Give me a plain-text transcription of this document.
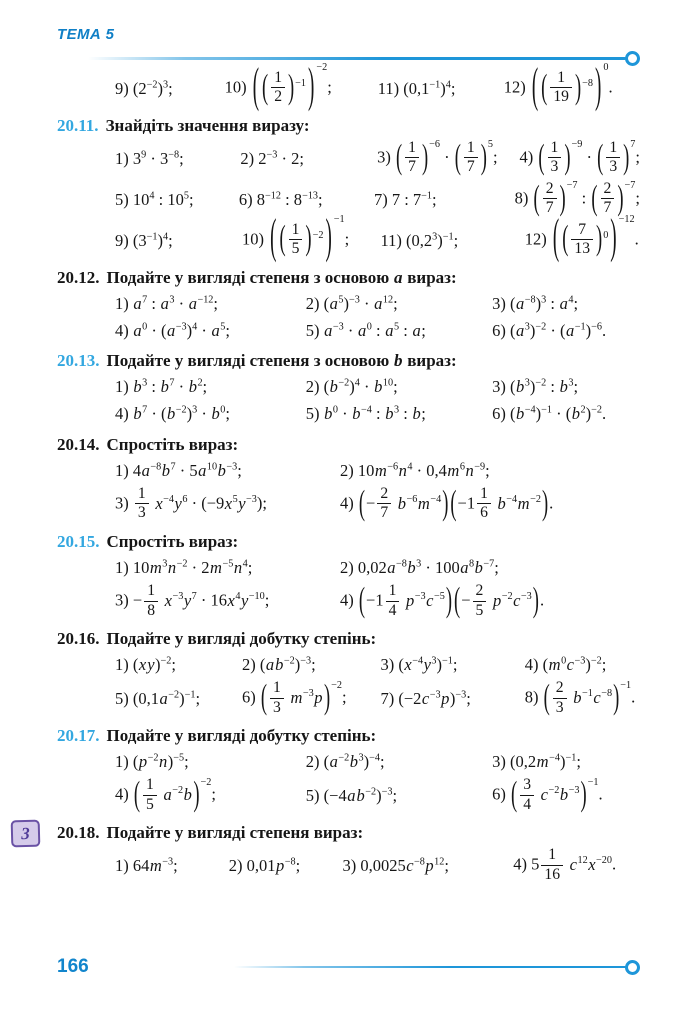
ТЕМА 5
9) $(2^{-2})^3$;	10) ( ( $\frac{1}{2} )^{-1}$ ) $^{-2}$;	11) $(0,1^{-1})^4$;	12) ( ( $\frac{1}{19} )^{-8}$ ) $^0$.
20.11. Знайдіть значення виразу:
1) $3^9 \cdot 3^{-8}$;	2) $2^{-3} \cdot 2$;	3) ( $\frac{1}{7} )^{-6}$ · ( $\frac{1}{7} )^5$;	4) ( $\frac{1}{3} )^{-9}$ · ( $\frac{1}{3} )^7$;
5) $10^4$ : $10^5$;	6) $8^{-12}$ : $8^{-13}$;	7) 7 : $7^{-1}$;	8) ( $\frac{2}{7} )^{-7}$ : ( $\frac{2}{7} )^{-7}$;
9) $(3^{-1})^4$;	10) ( ( $\frac{1}{5} )^{-2}$ ) $^{-1}$;	11) $(0,2^3)^{-1}$;	12) ( ( $\frac{7}{13} )^0$ ) $^{-12}$.
20.12. Подайте у вигляді степеня з основою a вираз:
1) $a^7$ : $a^3 \cdot a^{-12}$;	2) $(a^5)^{-3} \cdot a^{12}$;	3) $(a^{-8})^3$ : $a^4$;
4) $a^0 \cdot (a^{-3})^4 \cdot a^5$;	5) $a^{-3} \cdot a^0$ : $a^5$ : a;	6) $(a^3)^{-2} \cdot (a^{-1})^{-6}$.
20.13. Подайте у вигляді степеня з основою b вираз:
1) $b^3$ : $b^7 \cdot b^2$;	2) $(b^{-2})^4 \cdot b^{10}$;	3) $(b^3)^{-2}$ : $b^3$;
4) $b^7 \cdot (b^{-2})^3 \cdot b^0$;	5) $b^0 \cdot b^{-4}$ : $b^3$ : b;	6) $(b^{-4})^{-1} \cdot (b^2)^{-2}$.
20.14. Спростіть вираз:
1) $4a^{-8}b^7 \cdot 5a^{10}b^{-3}$;	2) $10m^{-6}n^4 \cdot 0,4m^6n^{-9}$;
$3) \frac{1}{3} x^{-4}y^6 \cdot (-9x^5y^{-3})$;	4) (− $\frac{2}{7} b^{-6}m^{-4}$) $(-1 \frac{1}{6} b^{-4}m^{-2})$.
20.15. Спростіть вираз:
1) $10m^3n^{-2} \cdot 2m^{-5}n^4$;	2) $0,02a^{-8}b^3 \cdot 100a^8b^{-7}$;
$3) - \frac{1}{8} x^{-3}y^7 \cdot 16x^4y^{-10}$;	4) $(-1 \frac{1}{4} p^{-3}c^{-5})$ (− $\frac{2}{5} p^{-2}c^{-3}$).
20.16. Подайте у вигляді добутку степінь:
1) (xy)$^{-2}$;	2) $(ab^{-2})^{-3}$;	3) $(x^{-4}y^3)^{-1}$;	4) $(m^0c^{-3})^{-2}$;
5) $(0,1a^{-2})^{-1}$;	6) ( $\frac{1}{3} m^{-3}p)^{-2}$;	7) $(-2c^{-3}p)^{-3}$;	8) ( $\frac{2}{3} b^{-1}c^{-8})^{-1}$.
20.17. Подайте у вигляді добутку степінь:
1) $(p^{-2}n)^{-5}$;	2) $(a^{-2}b^3)^{-4}$;	3) $(0,2m^{-4})^{-1}$;
4) ( $\frac{1}{5} a^{-2}b)^{-2}$;	5) $(-4ab^{-2})^{-3}$;	6) ( $\frac{3}{4} c^{-2}b^{-3})^{-1}$.
3	20.18. Подайте у вигляді степеня вираз:
1) $64m^{-3}$;	2) $0,01p^{-8}$;	3) $0,0025c^{-8}p^{12}$;	4) $5 \frac{1}{16} c^{12}x^{-20}$.
166
